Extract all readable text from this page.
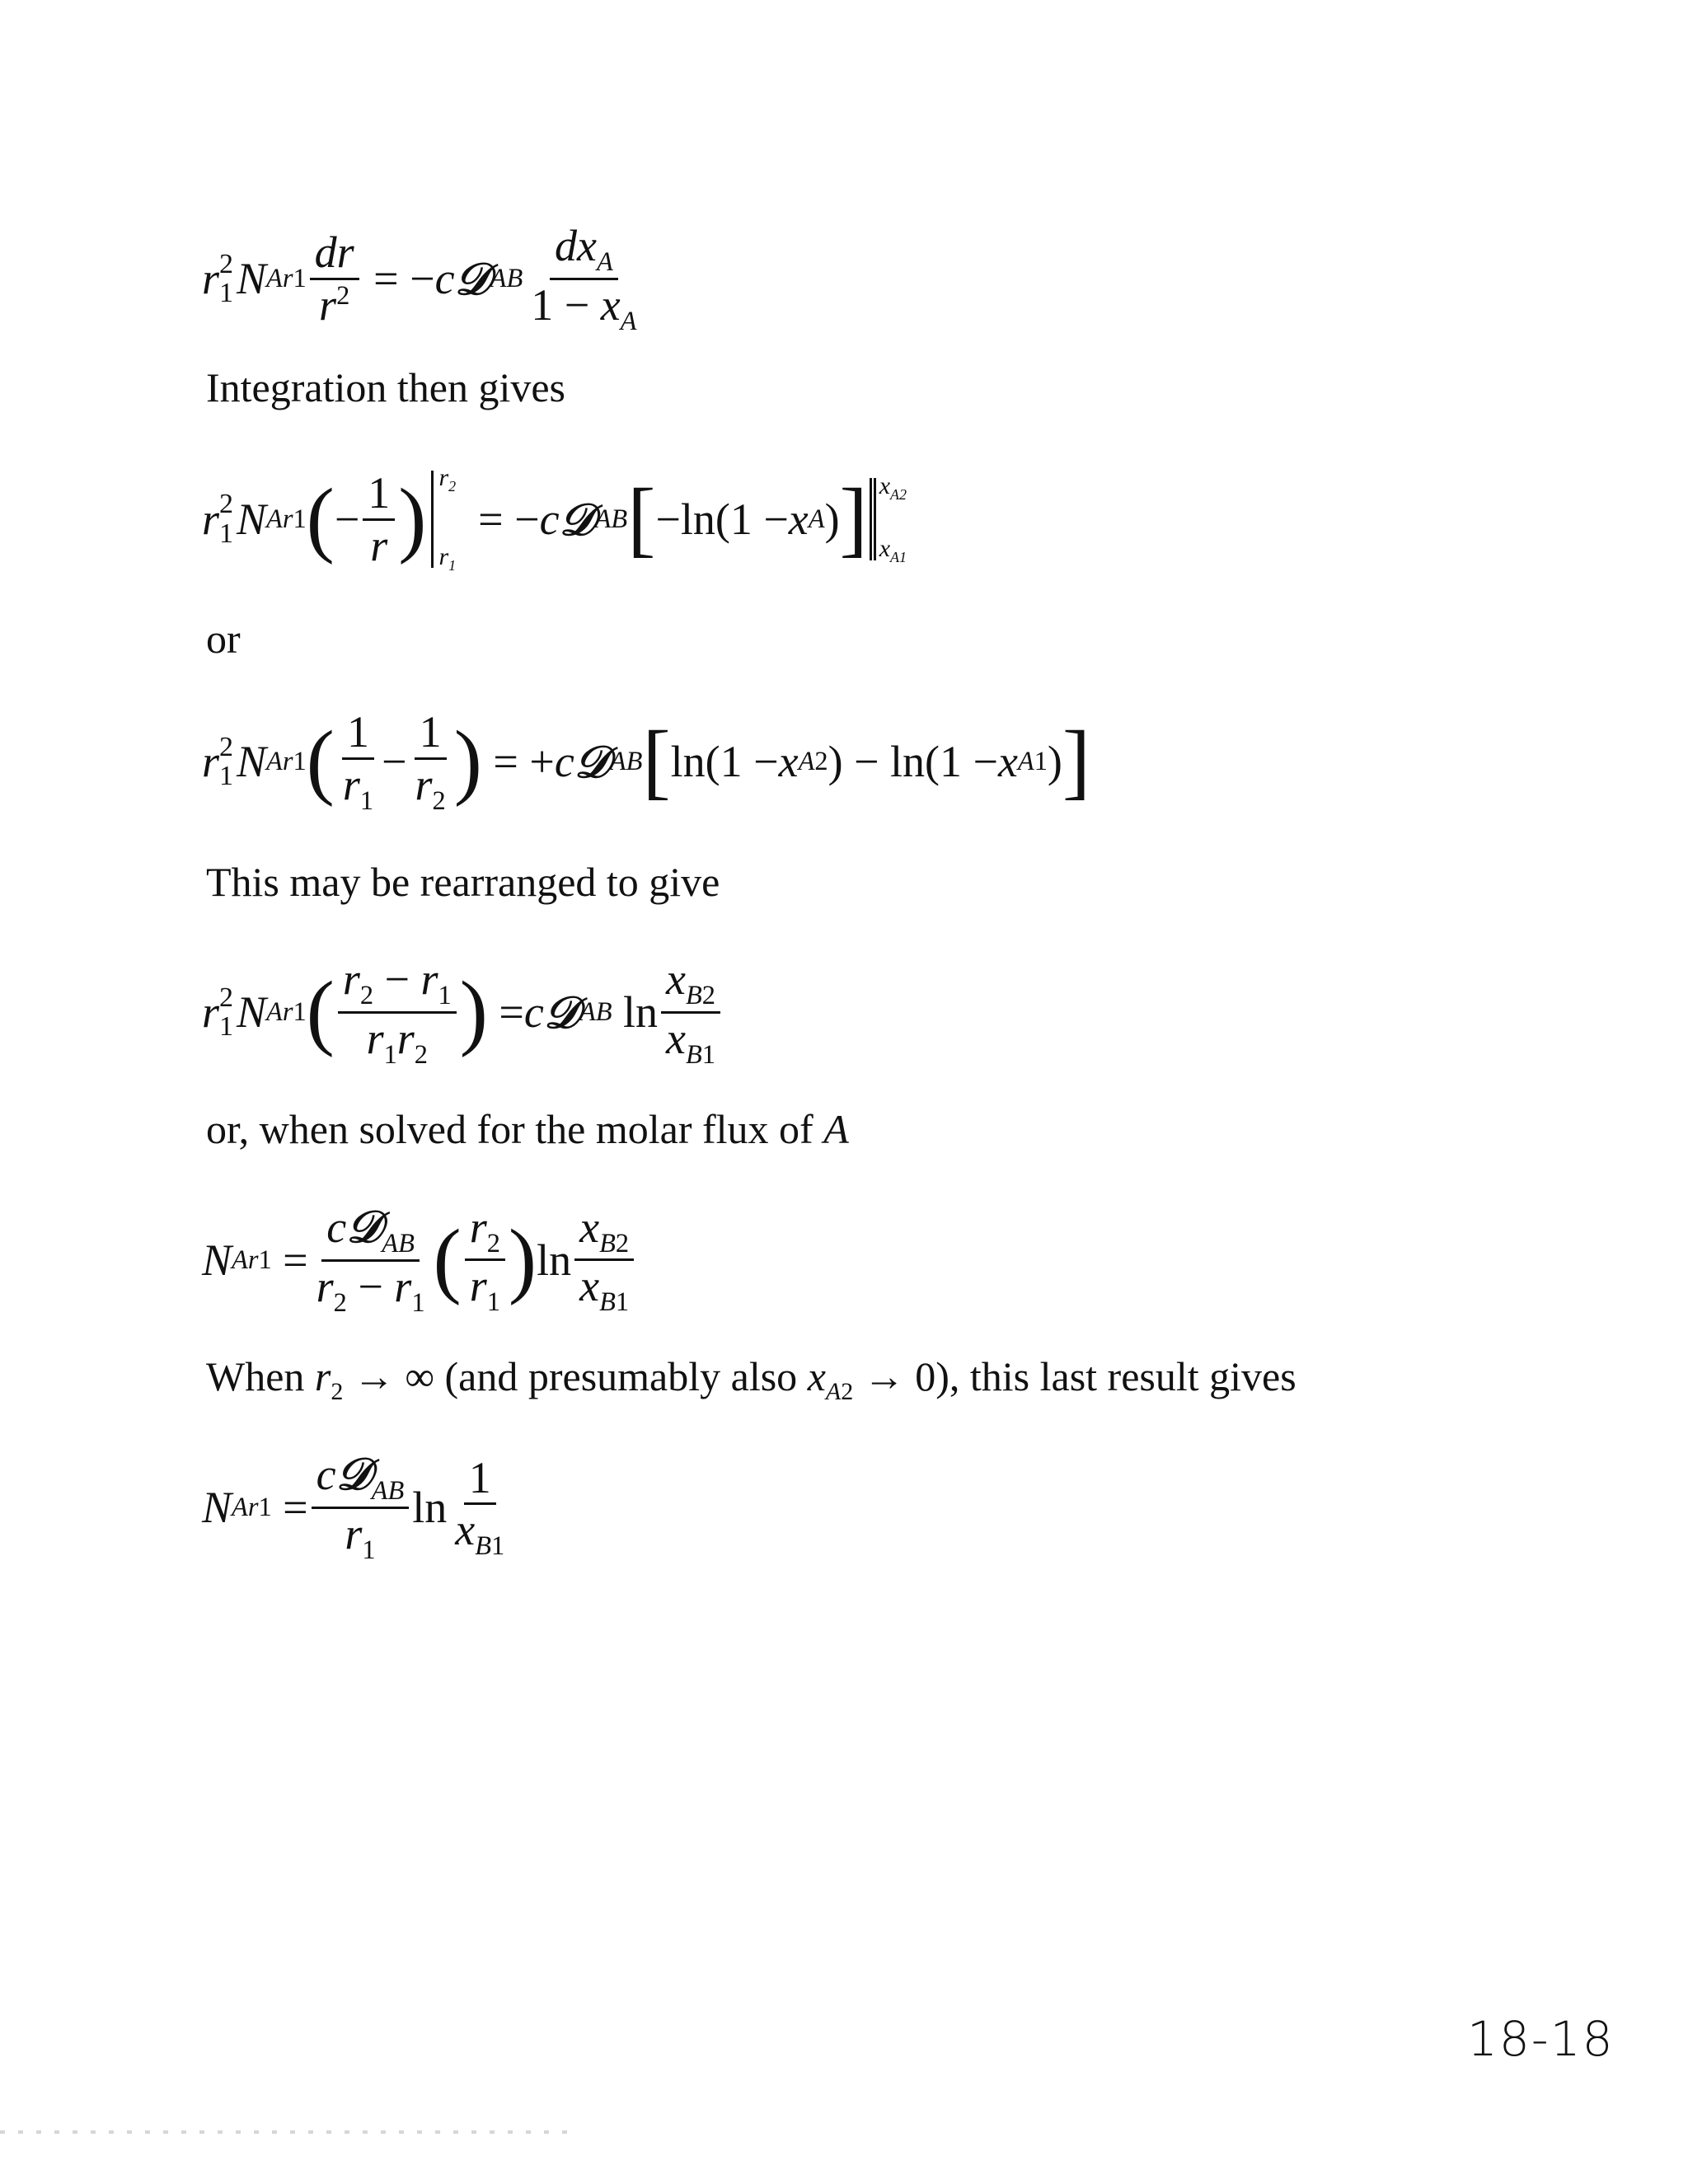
r 2
1 N $Ar1 \frac{dr}{r^2}$ = − c 𝒟 AB $\frac{dx_A}{1 - x_A}$
Integration then gives
r 2
1 N Ar1 ( − $\frac{1}{r}$ ) $r_2$
$r_1$
= − c 𝒟 AB [ −ln(1 − x A ) ] $x_{A2}$
$x_{A1}$
or
r 2
1 N Ar1 ( $\frac{1}{r_1} - \frac{1}{r_2}$ ) = + c 𝒟 AB [ ln(1 − x A2 ) − ln(1 − x A1 ) ]
This may be rearranged to give
r 2
1 N Ar1 ( $\frac{r_2 - r_1}{r_1r_2}$ ) = c 𝒟 AB $\ln \frac{x_{B2}}{x_{B1}}$
or, when solved for the molar flux of A
N $Ar1 = \frac{c𝒟_{AB}}{r_2 - r_1}$ ( $\frac{r_2}{r_1}$ ) $\ln \frac{x_{B2}}{x_{B1}}$
When $r_2$ → ∞ (and presumably also $x_{A2} \to 0$), this last result gives
N $Ar1 = \frac{c𝒟_{AB}}{r_1}$ $\ln \frac{1}{x_{B1}}$
18-18
